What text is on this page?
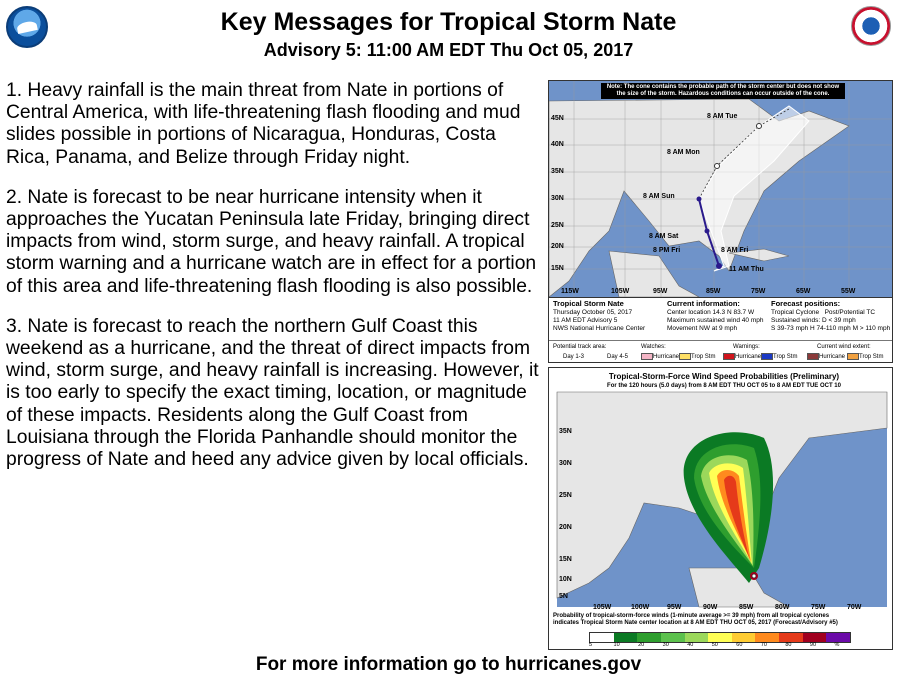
Key Messages for Tropical Storm Nate
Advisory 5: 11:00 AM EDT Thu Oct 05, 2017

1. Heavy rainfall is the main threat from Nate in portions of Central America, with life-threatening flash flooding and mud slides possible in portions of Nicaragua, Honduras, Costa Rica, Panama, and Belize through Friday night.

2. Nate is forecast to be near hurricane intensity when it approaches the Yucatan Peninsula late Friday, bringing direct impacts from wind, storm surge, and heavy rainfall. A tropical storm warning and a hurricane watch are in effect for a portion of this area and life-threatening flash flooding is also possible.

3. Nate is forecast to reach the northern Gulf Coast this weekend as a hurricane, and the threat of direct impacts from wind, storm surge, and heavy rainfall is increasing. However, it is too early to specify the exact timing, location, or magnitude of these impacts. Residents along the Gulf Coast from Louisiana through the Florida Panhandle should monitor the progress of Nate and heed any advice given by local officials.

Note: The cone contains the probable path of the storm center but does not show the size of the storm. Hazardous conditions can occur outside of the cone.
45N
40N
35N
30N
25N
20N
15N
115W	105W	95W	85W	75W	65W	55W
8 AM Tue
8 AM Mon
8 AM Sun
8 AM Sat
8 PM Fri	8 AM Fri
11 AM Thu
Tropical Storm Nate
Thursday October 05, 2017
11 AM EDT Advisory 5
NWS National Hurricane Center
Current information:
Center location 14.3 N 83.7 W
Maximum sustained wind 40 mph
Movement NW at 9 mph
Forecast positions:
Tropical Cyclone Post/Potential TC
Sustained winds: D < 39 mph
S 39-73 mph H 74-110 mph M > 110 mph
Potential track area:
Day 1-3	Day 4-5
Watches:
Hurricane Trop Stm
Warnings:
Hurricane Trop Stm
Current wind extent:
Hurricane Trop Stm
Tropical-Storm-Force Wind Speed Probabilities (Preliminary)
For the 120 hours (5.0 days) from 8 AM EDT THU OCT 05 to 8 AM EDT TUE OCT 10
35N
30N
25N
20N
15N
10N
5N
105W	100W	95W	90W	85W	80W	75W	70W
Probability of tropical-storm-force winds (1-minute average >= 39 mph) from all tropical cyclones
indicates Tropical Storm Nate center location at 8 AM EDT THU OCT 05, 2017 (Forecast/Advisory #5)
5	10	20	30	40	50	60	70	80	90	%
For more information go to hurricanes.gov
